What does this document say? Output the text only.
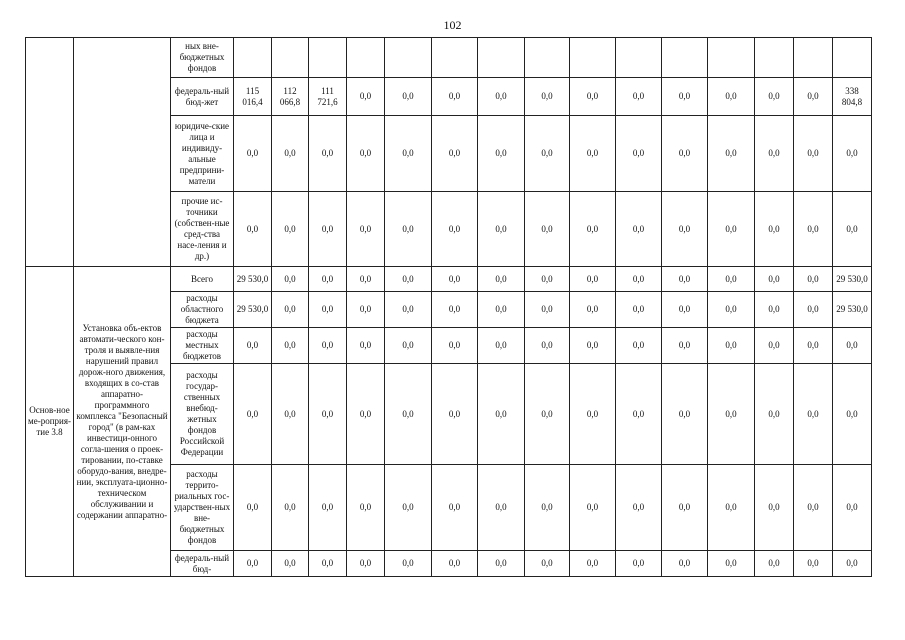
102
		ных вне-бюджетных фондов															
		федераль-ный бюд-жет	115 016,4	112 066,8	111 721,6	0,0	0,0	0,0	0,0	0,0	0,0	0,0	0,0	0,0	0,0	0,0	338 804,8
		юридиче-ские лица и индивиду-альные предприни-матели	0,0	0,0	0,0	0,0	0,0	0,0	0,0	0,0	0,0	0,0	0,0	0,0	0,0	0,0	0,0
		прочие ис-точники (собствен-ные сред-ства насе-ления и др.)	0,0	0,0	0,0	0,0	0,0	0,0	0,0	0,0	0,0	0,0	0,0	0,0	0,0	0,0	0,0
Основ-ное ме-роприя-тие 3.8	Установка объ-ектов автомати-ческого кон-троля и выявле-ния нарушений правил дорож-ного движения, входящих в со-став аппаратно-программного комплекса "Безопасный город" (в рам-ках инвестици-онного согла-шения о проек-тировании, по-ставке оборудо-вания, внедре-нии, эксплуата-ционно-техническом обслуживании и содержании аппаратно-	Всего	29 530,0	0,0	0,0	0,0	0,0	0,0	0,0	0,0	0,0	0,0	0,0	0,0	0,0	0,0	29 530,0
		расходы областного бюджета	29 530,0	0,0	0,0	0,0	0,0	0,0	0,0	0,0	0,0	0,0	0,0	0,0	0,0	0,0	29 530,0
		расходы местных бюджетов	0,0	0,0	0,0	0,0	0,0	0,0	0,0	0,0	0,0	0,0	0,0	0,0	0,0	0,0	0,0
		расходы государ-ственных внебюд-жетных фондов Российской Федерации	0,0	0,0	0,0	0,0	0,0	0,0	0,0	0,0	0,0	0,0	0,0	0,0	0,0	0,0	0,0
		расходы террито-риальных гос-ударствен-ных вне-бюджетных фондов	0,0	0,0	0,0	0,0	0,0	0,0	0,0	0,0	0,0	0,0	0,0	0,0	0,0	0,0	0,0
		федераль-ный бюд-	0,0	0,0	0,0	0,0	0,0	0,0	0,0	0,0	0,0	0,0	0,0	0,0	0,0	0,0	0,0
